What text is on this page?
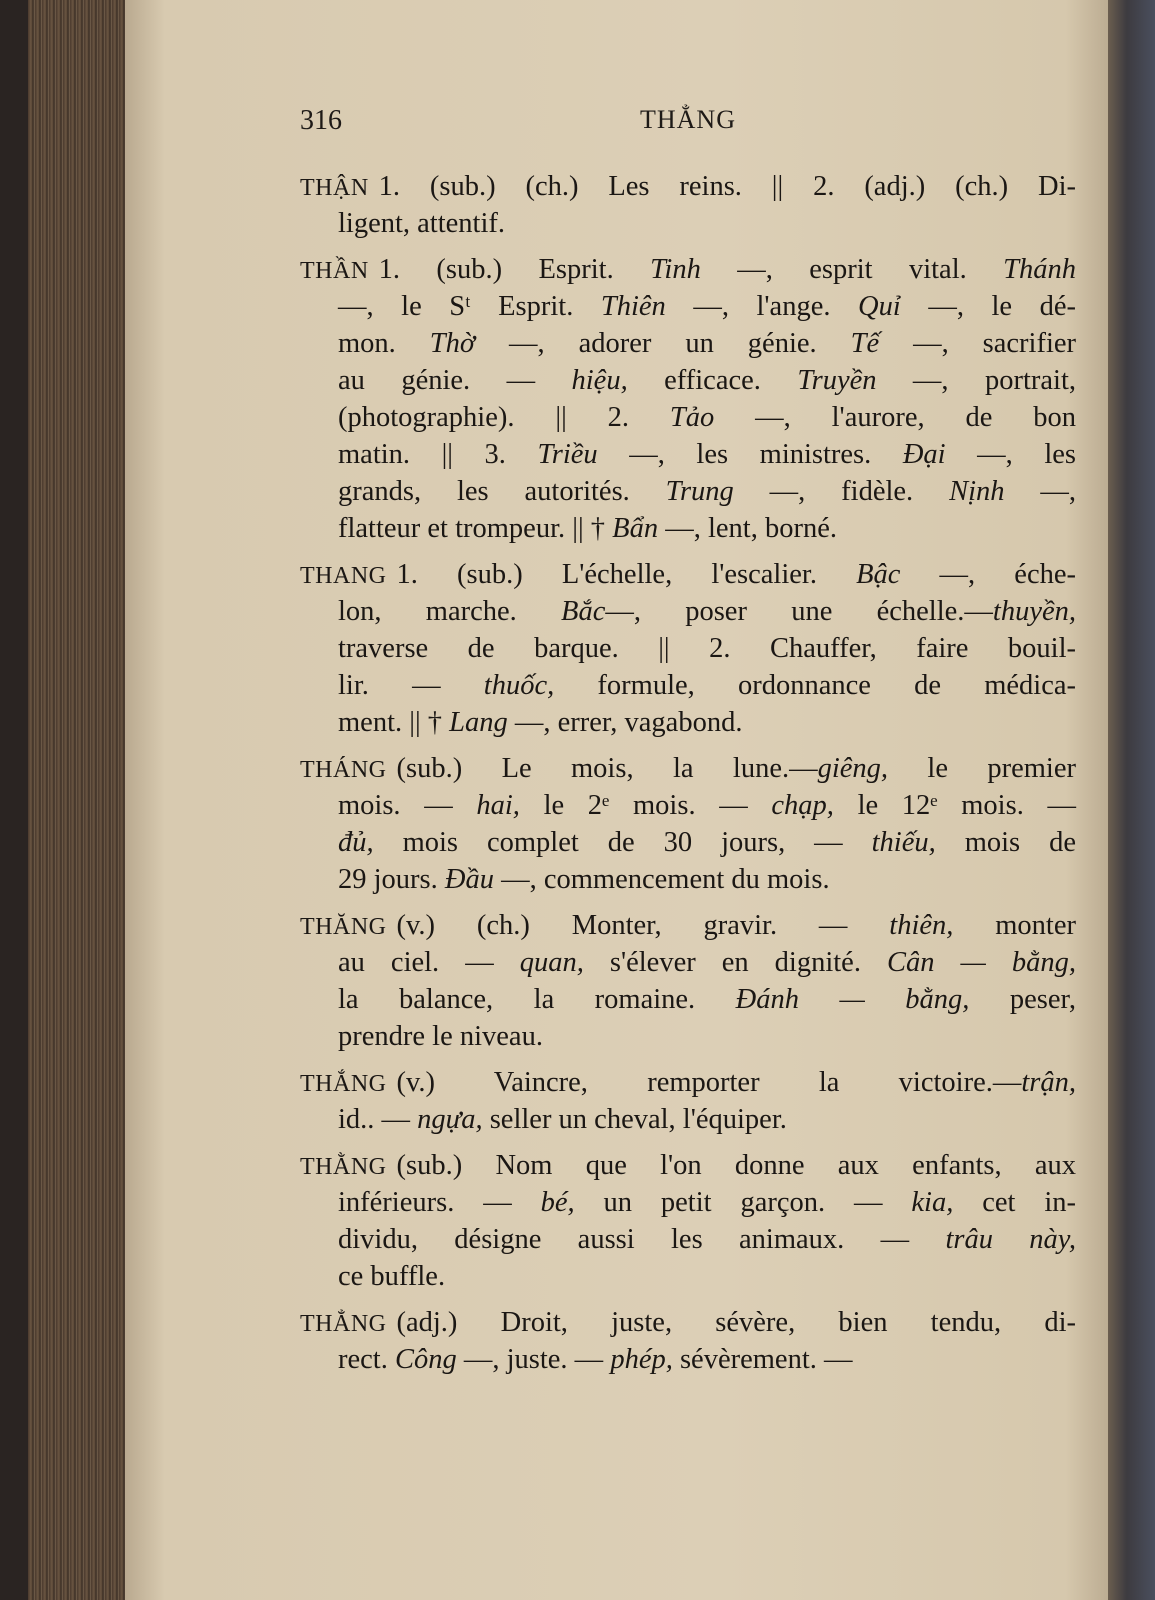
316	THẲNG
THẬN 1. (sub.) (ch.) Les reins. || 2. (adj.) (ch.) Di-
ligent, attentif.
THẦN 1. (sub.) Esprit. Tinh —, esprit vital. Thánh
—, le Sᵗ Esprit. Thiên —, l'ange. Quỉ —, le dé-
mon. Thờ —, adorer un génie. Tế —, sacrifier
au génie. — hiệu, efficace. Truyền —, portrait,
(photographie). || 2. Tảo —, l'aurore, de bon
matin. || 3. Triều —, les ministres. Đại —, les
grands, les autorités. Trung —, fidèle. Nịnh —,
flatteur et trompeur. || † Bẩn —, lent, borné.
THANG 1. (sub.) L'échelle, l'escalier. Bậc —, éche-
lon, marche. Bắc—, poser une échelle.—thuyền,
traverse de barque. || 2. Chauffer, faire bouil-
lir. — thuốc, formule, ordonnance de médica-
ment. || † Lang —, errer, vagabond.
THÁNG (sub.) Le mois, la lune.—giêng, le premier
mois. — hai, le 2ᵉ mois. — chạp, le 12ᵉ mois. —
đủ, mois complet de 30 jours, — thiếu, mois de
29 jours. Đầu —, commencement du mois.
THĂNG (v.) (ch.) Monter, gravir. — thiên, monter
au ciel. — quan, s'élever en dignité. Cân — bằng,
la balance, la romaine. Đánh — bằng, peser,
prendre le niveau.
THẮNG (v.) Vaincre, remporter la victoire.—trận,
id.. — ngựa, seller un cheval, l'équiper.
THẰNG (sub.) Nom que l'on donne aux enfants, aux
inférieurs. — bé, un petit garçon. — kia, cet in-
dividu, désigne aussi les animaux. — trâu này,
ce buffle.
THẲNG (adj.) Droit, juste, sévère, bien tendu, di-
rect. Công —, juste. — phép, sévèrement. —
